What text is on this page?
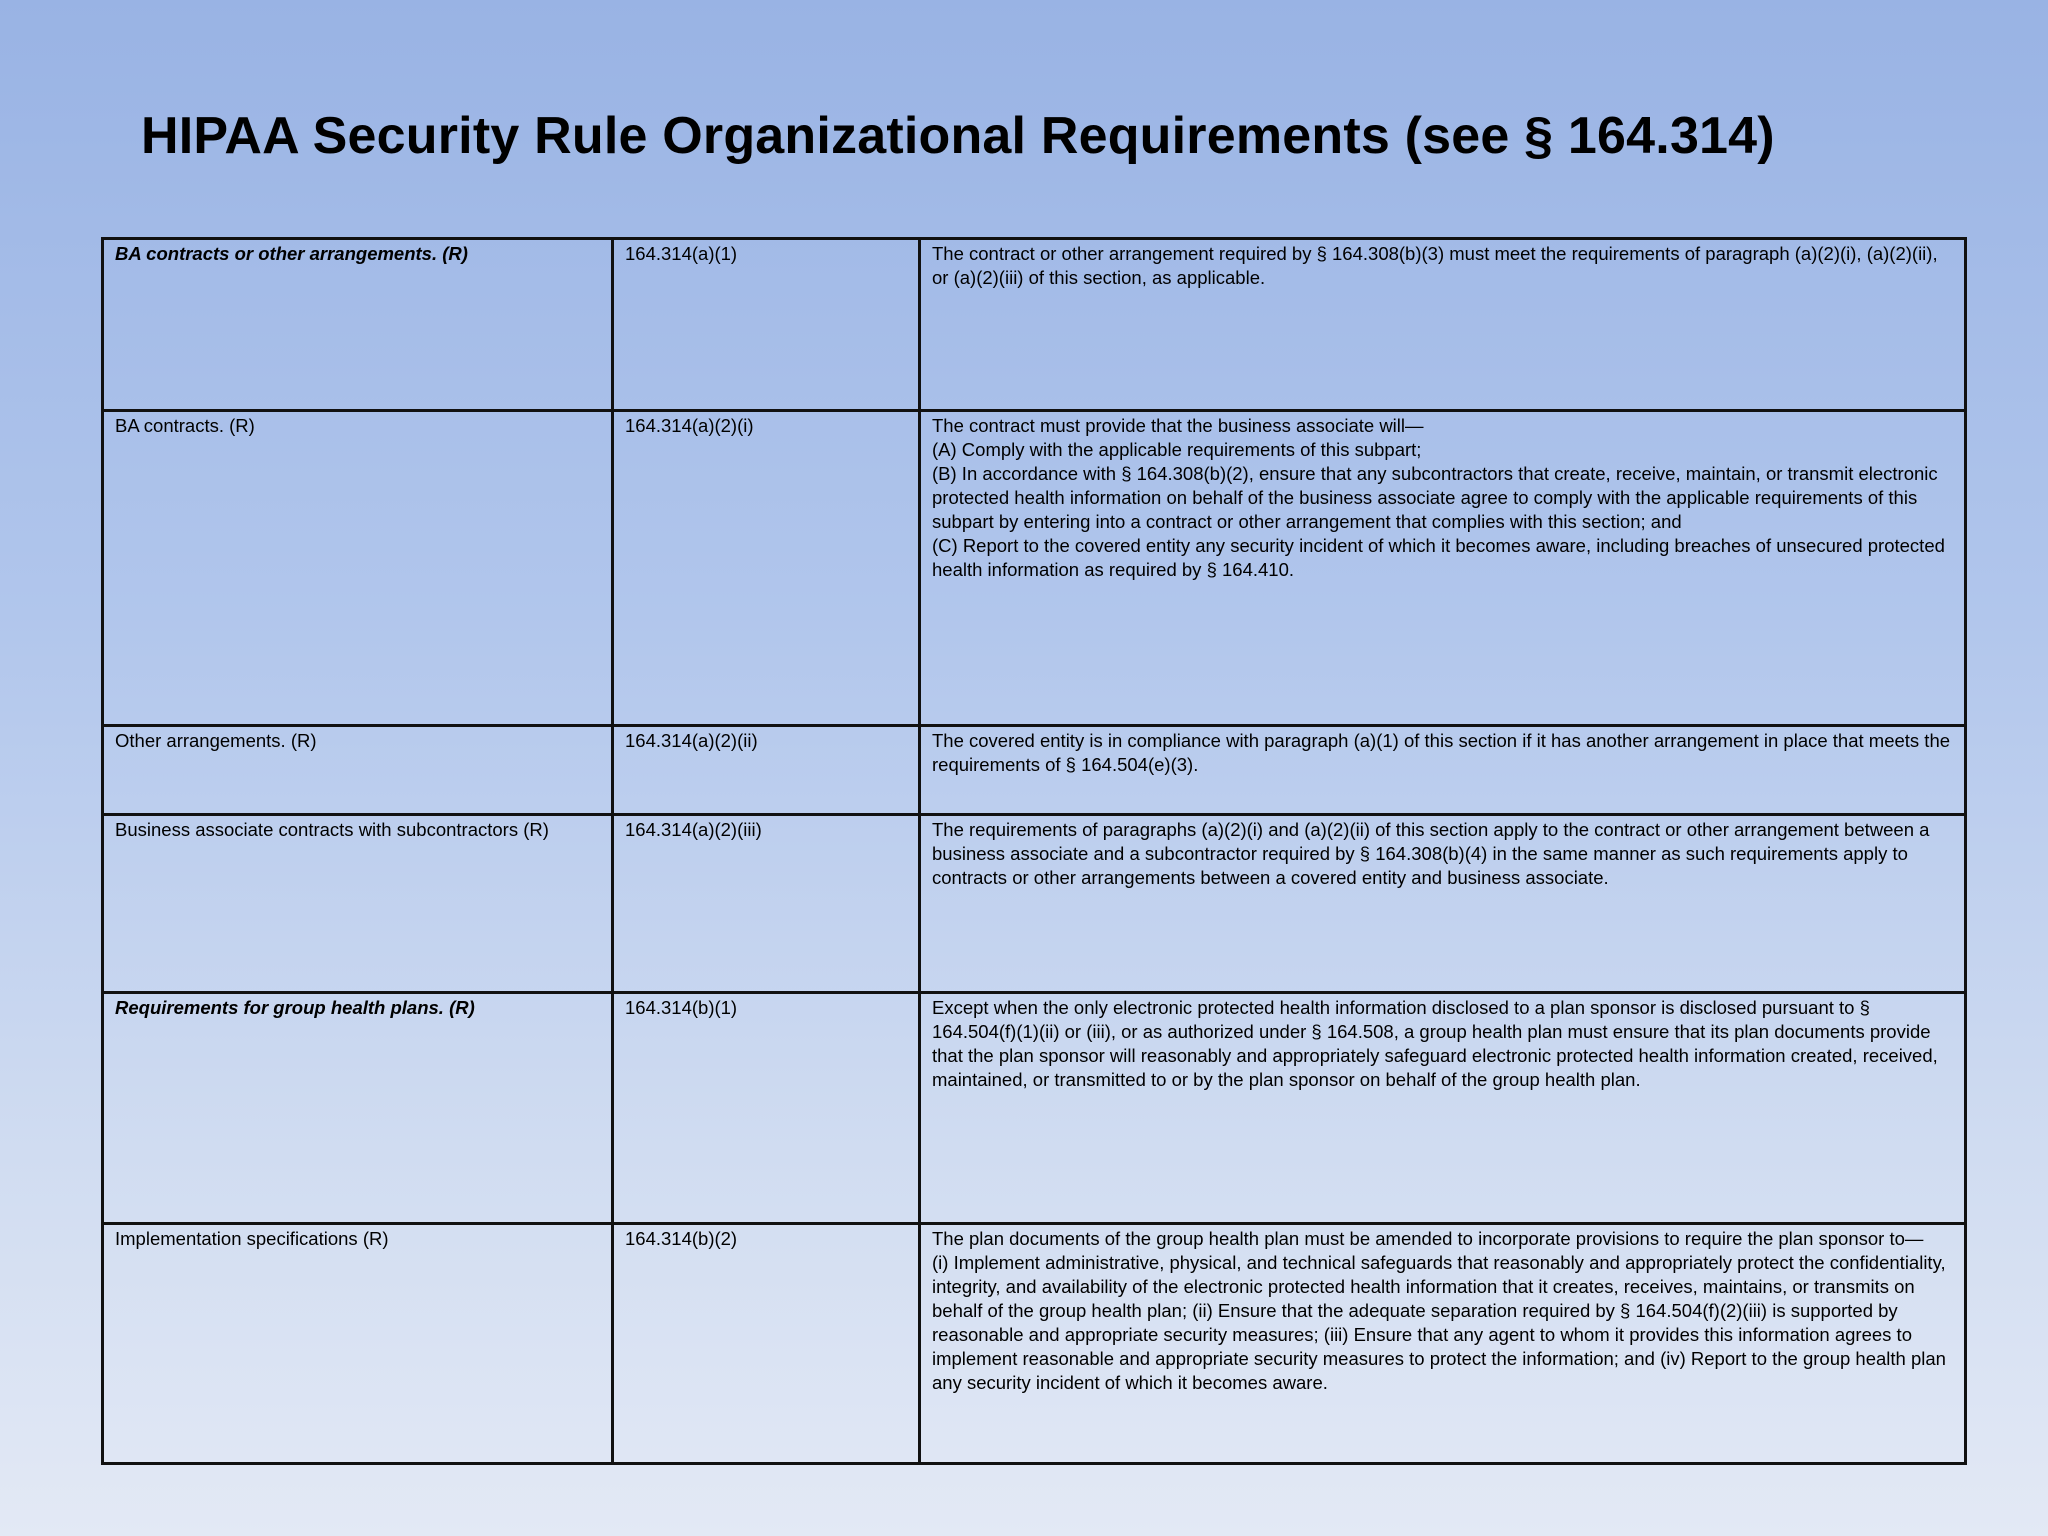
HIPAA Security Rule Organizational Requirements (see § 164.314)
BA contracts or other arrangements. (R)	164.314(a)(1)	The contract or other arrangement required by § 164.308(b)(3) must meet the requirements of paragraph (a)(2)(i), (a)(2)(ii), or (a)(2)(iii) of this section, as applicable.
BA contracts. (R)	164.314(a)(2)(i)	The contract must provide that the business associate will—
(A) Comply with the applicable requirements of this subpart;
(B) In accordance with § 164.308(b)(2), ensure that any subcontractors that create, receive, maintain, or transmit electronic protected health information on behalf of the business associate agree to comply with the applicable requirements of this subpart by entering into a contract or other arrangement that complies with this section; and
(C) Report to the covered entity any security incident of which it becomes aware, including breaches of unsecured protected health information as required by § 164.410.
Other arrangements. (R)	164.314(a)(2)(ii)	The covered entity is in compliance with paragraph (a)(1) of this section if it has another arrangement in place that meets the requirements of § 164.504(e)(3).
Business associate contracts with subcontractors (R)	164.314(a)(2)(iii)	The requirements of paragraphs (a)(2)(i) and (a)(2)(ii) of this section apply to the contract or other arrangement between a business associate and a subcontractor required by § 164.308(b)(4) in the same manner as such requirements apply to contracts or other arrangements between a covered entity and business associate.
Requirements for group health plans. (R)	164.314(b)(1)	Except when the only electronic protected health information disclosed to a plan sponsor is disclosed pursuant to § 164.504(f)(1)(ii) or (iii), or as authorized under § 164.508, a group health plan must ensure that its plan documents provide that the plan sponsor will reasonably and appropriately safeguard electronic protected health information created, received, maintained, or transmitted to or by the plan sponsor on behalf of the group health plan.
Implementation specifications (R)	164.314(b)(2)	The plan documents of the group health plan must be amended to incorporate provisions to require the plan sponsor to—
(i) Implement administrative, physical, and technical safeguards that reasonably and appropriately protect the confidentiality, integrity, and availability of the electronic protected health information that it creates, receives, maintains, or transmits on behalf of the group health plan; (ii) Ensure that the adequate separation required by § 164.504(f)(2)(iii) is supported by reasonable and appropriate security measures; (iii) Ensure that any agent to whom it provides this information agrees to implement reasonable and appropriate security measures to protect the information; and (iv) Report to the group health plan any security incident of which it becomes aware.
